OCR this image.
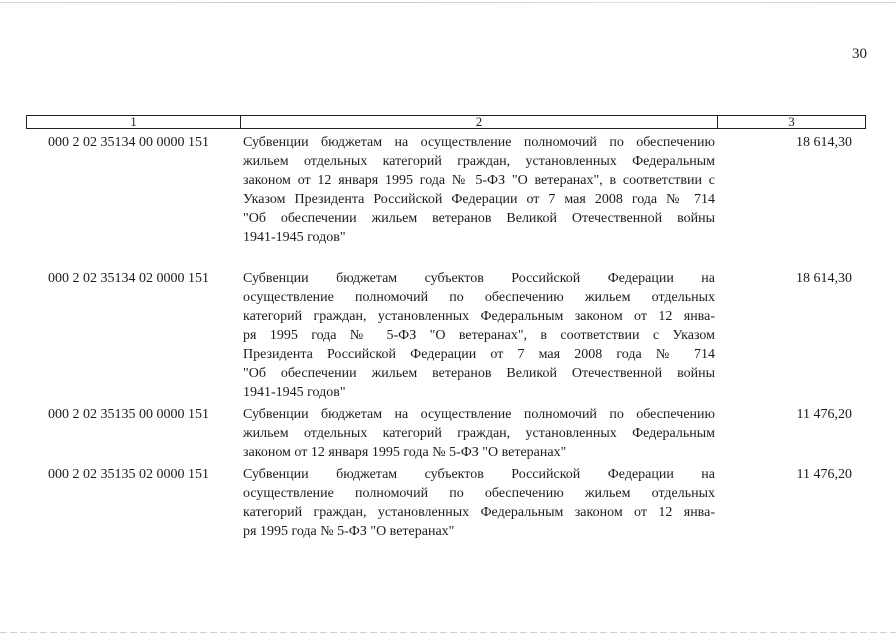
30
1	2	3
000 2 02 35134 00 0000 151	Субвенции бюджетам на осуществление полномочий по обеспечению
жильем отдельных категорий граждан, установленных Федеральным
законом от 12 января 1995 года № 5-ФЗ "О ветеранах", в соответствии с
Указом Президента Российской Федерации от 7 мая 2008 года № 714
"Об обеспечении жильем ветеранов Великой Отечественной войны
1941-1945 годов"
18 614,30
000 2 02 35134 02 0000 151	Субвенции бюджетам субъектов Российской Федерации на
осуществление полномочий по обеспечению жильем отдельных
категорий граждан, установленных Федеральным законом от 12 янва-
ря 1995 года № 5-ФЗ "О ветеранах", в соответствии с Указом
Президента Российской Федерации от 7 мая 2008 года № 714
"Об обеспечении жильем ветеранов Великой Отечественной войны
1941-1945 годов"
18 614,30
000 2 02 35135 00 0000 151	Субвенции бюджетам на осуществление полномочий по обеспечению
жильем отдельных категорий граждан, установленных Федеральным
законом от 12 января 1995 года № 5-ФЗ "О ветеранах"
11 476,20
000 2 02 35135 02 0000 151	Субвенции бюджетам субъектов Российской Федерации на
осуществление полномочий по обеспечению жильем отдельных
категорий граждан, установленных Федеральным законом от 12 янва-
ря 1995 года № 5-ФЗ "О ветеранах"
11 476,20
